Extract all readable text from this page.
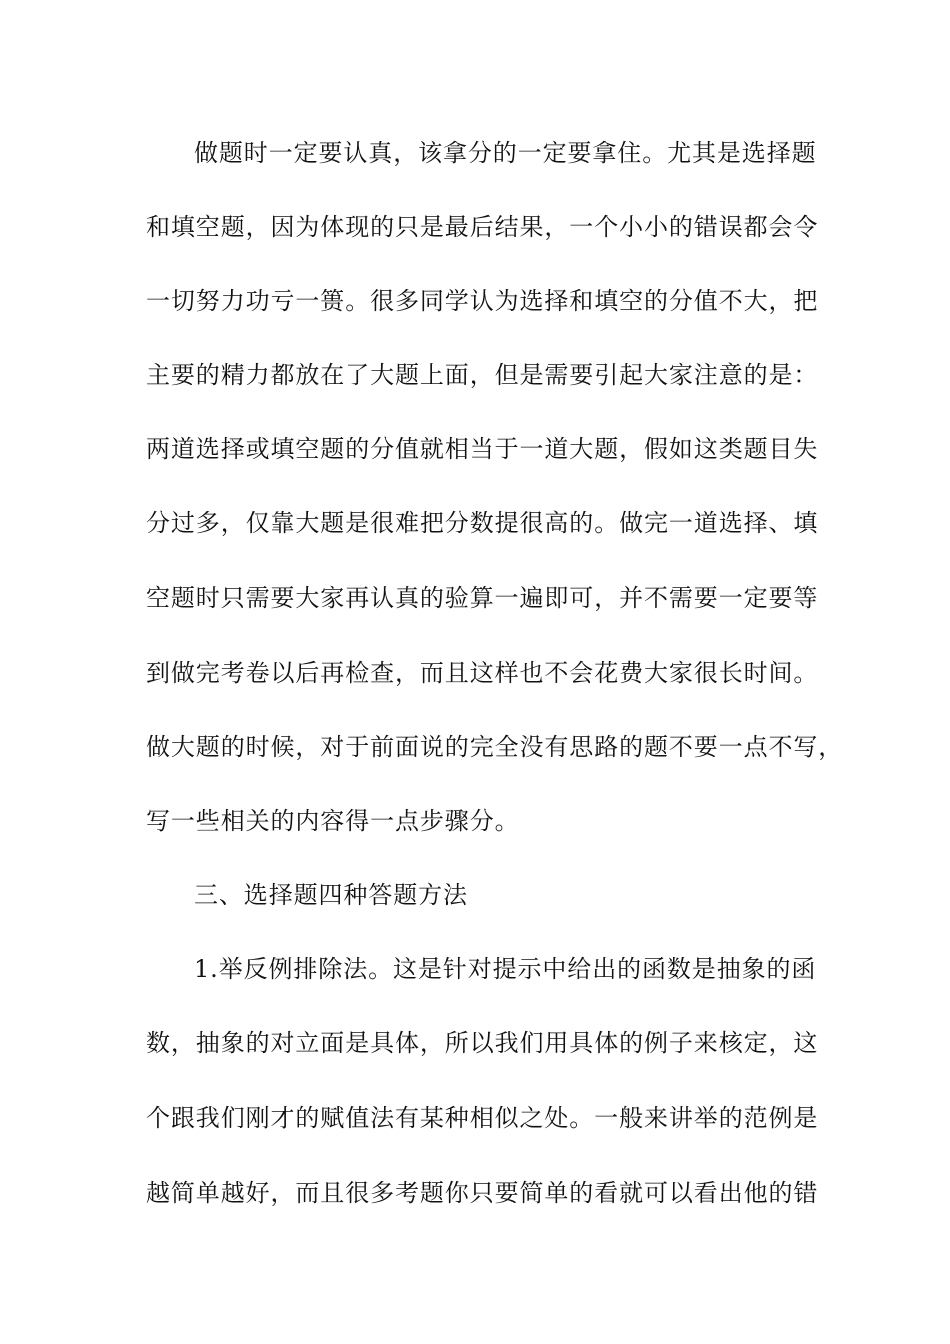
做题时一定要认真，该拿分的一定要拿住。尤其是选择题
和填空题，因为体现的只是最后结果，一个小小的错误都会令
一切努力功亏一篑。很多同学认为选择和填空的分值不大，把
主要的精力都放在了大题上面，但是需要引起大家注意的是：
两道选择或填空题的分值就相当于一道大题，假如这类题目失
分过多，仅靠大题是很难把分数提很高的。做完一道选择、填
空题时只需要大家再认真的验算一遍即可，并不需要一定要等
到做完考卷以后再检查，而且这样也不会花费大家很长时间。
做大题的时候，对于前面说的完全没有思路的题不要一点不写，
写一些相关的内容得一点步骤分。
三、选择题四种答题方法
1.举反例排除法。这是针对提示中给出的函数是抽象的函
数，抽象的对立面是具体，所以我们用具体的例子来核定，这
个跟我们刚才的赋值法有某种相似之处。一般来讲举的范例是
越简单越好，而且很多考题你只要简单的看就可以看出他的错
